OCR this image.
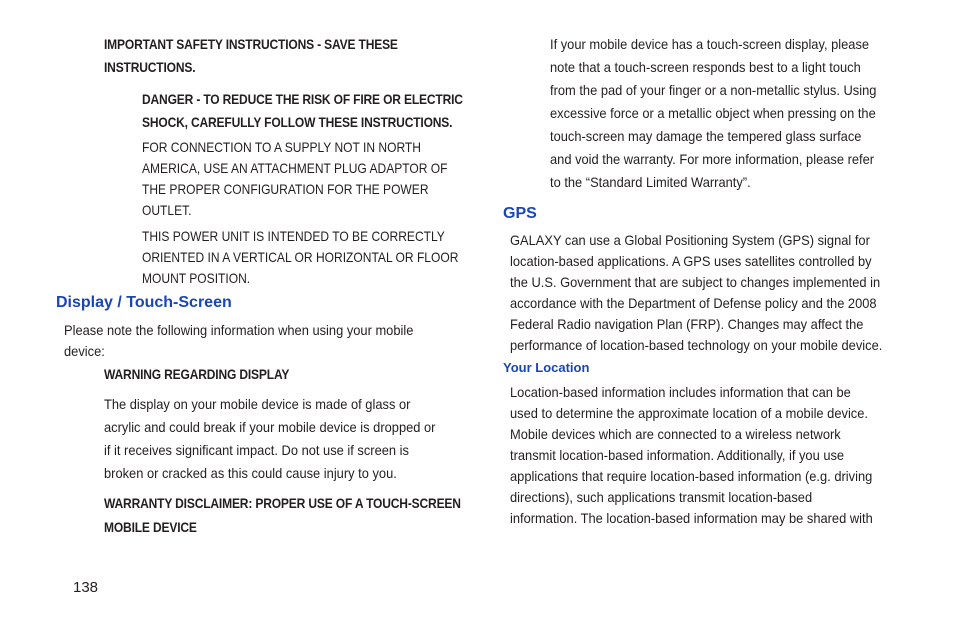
IMPORTANT SAFETY INSTRUCTIONS - SAVE THESE
INSTRUCTIONS.
DANGER - TO REDUCE THE RISK OF FIRE OR ELECTRIC
SHOCK, CAREFULLY FOLLOW THESE INSTRUCTIONS.
FOR CONNECTION TO A SUPPLY NOT IN NORTH
AMERICA, USE AN ATTACHMENT PLUG ADAPTOR OF
THE PROPER CONFIGURATION FOR THE POWER
OUTLET.
THIS POWER UNIT IS INTENDED TO BE CORRECTLY
ORIENTED IN A VERTICAL OR HORIZONTAL OR FLOOR
MOUNT POSITION.
Display / Touch-Screen
Please note the following information when using your mobile
device:
WARNING REGARDING DISPLAY
The display on your mobile device is made of glass or
acrylic and could break if your mobile device is dropped or
if it receives significant impact. Do not use if screen is
broken or cracked as this could cause injury to you.
WARRANTY DISCLAIMER: PROPER USE OF A TOUCH-SCREEN
MOBILE DEVICE
If your mobile device has a touch-screen display, please
note that a touch-screen responds best to a light touch
from the pad of your finger or a non-metallic stylus. Using
excessive force or a metallic object when pressing on the
touch-screen may damage the tempered glass surface
and void the warranty. For more information, please refer
to the “Standard Limited Warranty”.
GPS
GALAXY can use a Global Positioning System (GPS) signal for
location-based applications. A GPS uses satellites controlled by
the U.S. Government that are subject to changes implemented in
accordance with the Department of Defense policy and the 2008
Federal Radio navigation Plan (FRP). Changes may affect the
performance of location-based technology on your mobile device.
Your Location
Location-based information includes information that can be
used to determine the approximate location of a mobile device.
Mobile devices which are connected to a wireless network
transmit location-based information. Additionally, if you use
applications that require location-based information (e.g. driving
directions), such applications transmit location-based
information. The location-based information may be shared with
138
